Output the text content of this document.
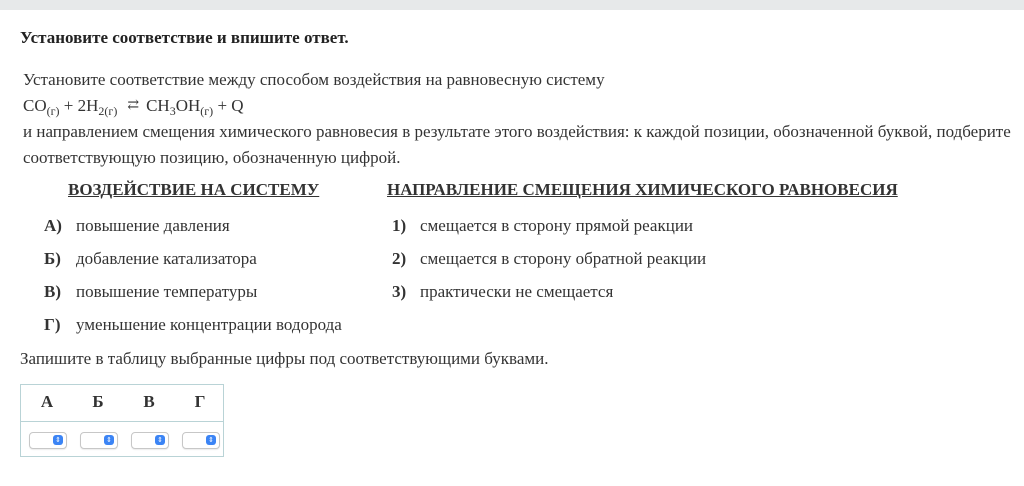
Установите соответствие и впишите ответ.
Установите соответствие между способом воздействия на равновесную систему
$CO_{(г)} + 2H_{2(г)}$ ⇄ $CH_3OH_{(г)} + Q$
и направлением смещения химического равновесия в результате этого воздействия: к каждой позиции, обозначенной буквой, подберите соответствующую позицию, обозначенную цифрой.
ВОЗДЕЙСТВИЕ НА СИСТЕМУ	НАПРАВЛЕНИЕ СМЕЩЕНИЯ ХИМИЧЕСКОГО РАВНОВЕСИЯ
А) повышение давления
Б) добавление катализатора
В) повышение температуры
Г) уменьшение концентрации водорода
1) смещается в сторону прямой реакции
2) смещается в сторону обратной реакции
3) практически не смещается
Запишите в таблицу выбранные цифры под соответствующими буквами.
А	Б	В	Г
⇕	⇕	⇕	⇕
